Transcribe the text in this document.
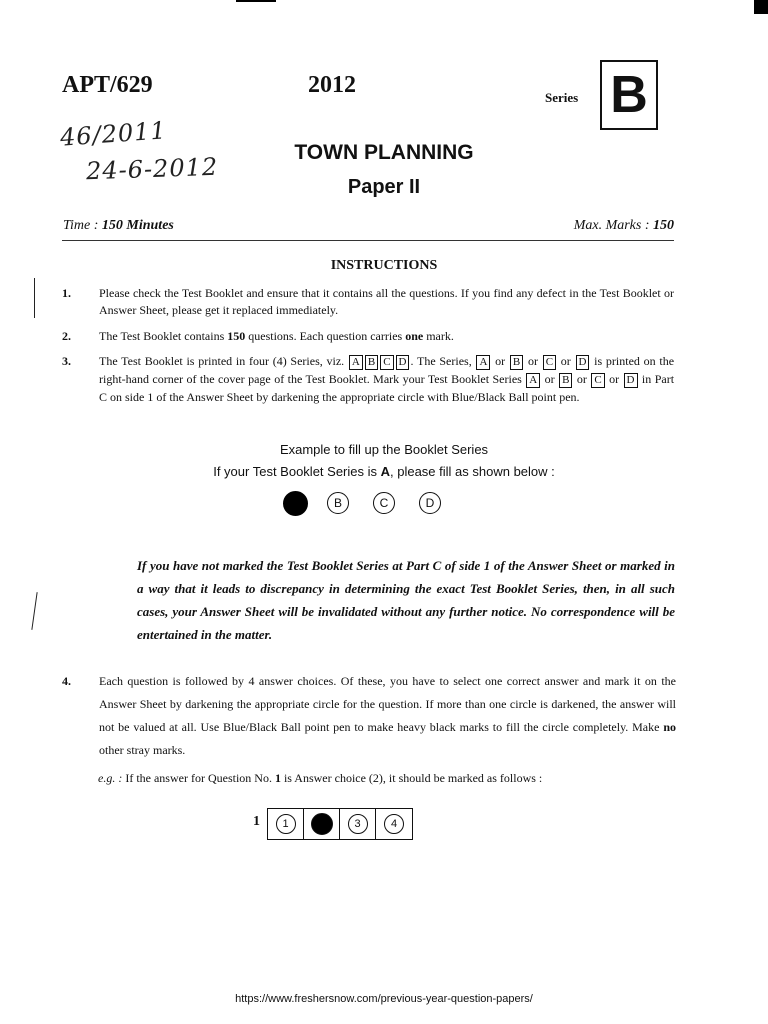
APT/629	2012	Series B
46/2011
24-6-2012
TOWN PLANNING
Paper II
Time : 150 Minutes	Max. Marks : 150
INSTRUCTIONS
1. Please check the Test Booklet and ensure that it contains all the questions. If you find any defect in the Test Booklet or Answer Sheet, please get it replaced immediately.
2. The Test Booklet contains 150 questions. Each question carries one mark.
3. The Test Booklet is printed in four (4) Series, viz. A B C D . The Series, A or B or C or D is printed on the right-hand corner of the cover page of the Test Booklet. Mark your Test Booklet Series A or B or C or D in Part C on side 1 of the Answer Sheet by darkening the appropriate circle with Blue/Black Ball point pen.
Example to fill up the Booklet Series
If your Test Booklet Series is A, please fill as shown below :
B	C	D
If you have not marked the Test Booklet Series at Part C of side 1 of the Answer Sheet or marked in a way that it leads to discrepancy in determining the exact Test Booklet Series, then, in all such cases, your Answer Sheet will be invalidated without any further notice. No correspondence will be entertained in the matter.
4. Each question is followed by 4 answer choices. Of these, you have to select one correct answer and mark it on the Answer Sheet by darkening the appropriate circle for the question. If more than one circle is darkened, the answer will not be valued at all. Use Blue/Black Ball point pen to make heavy black marks to fill the circle completely. Make no other stray marks.
e.g. : If the answer for Question No. 1 is Answer choice (2), it should be marked as follows :
1	1	3	4
https://www.freshersnow.com/previous-year-question-papers/
